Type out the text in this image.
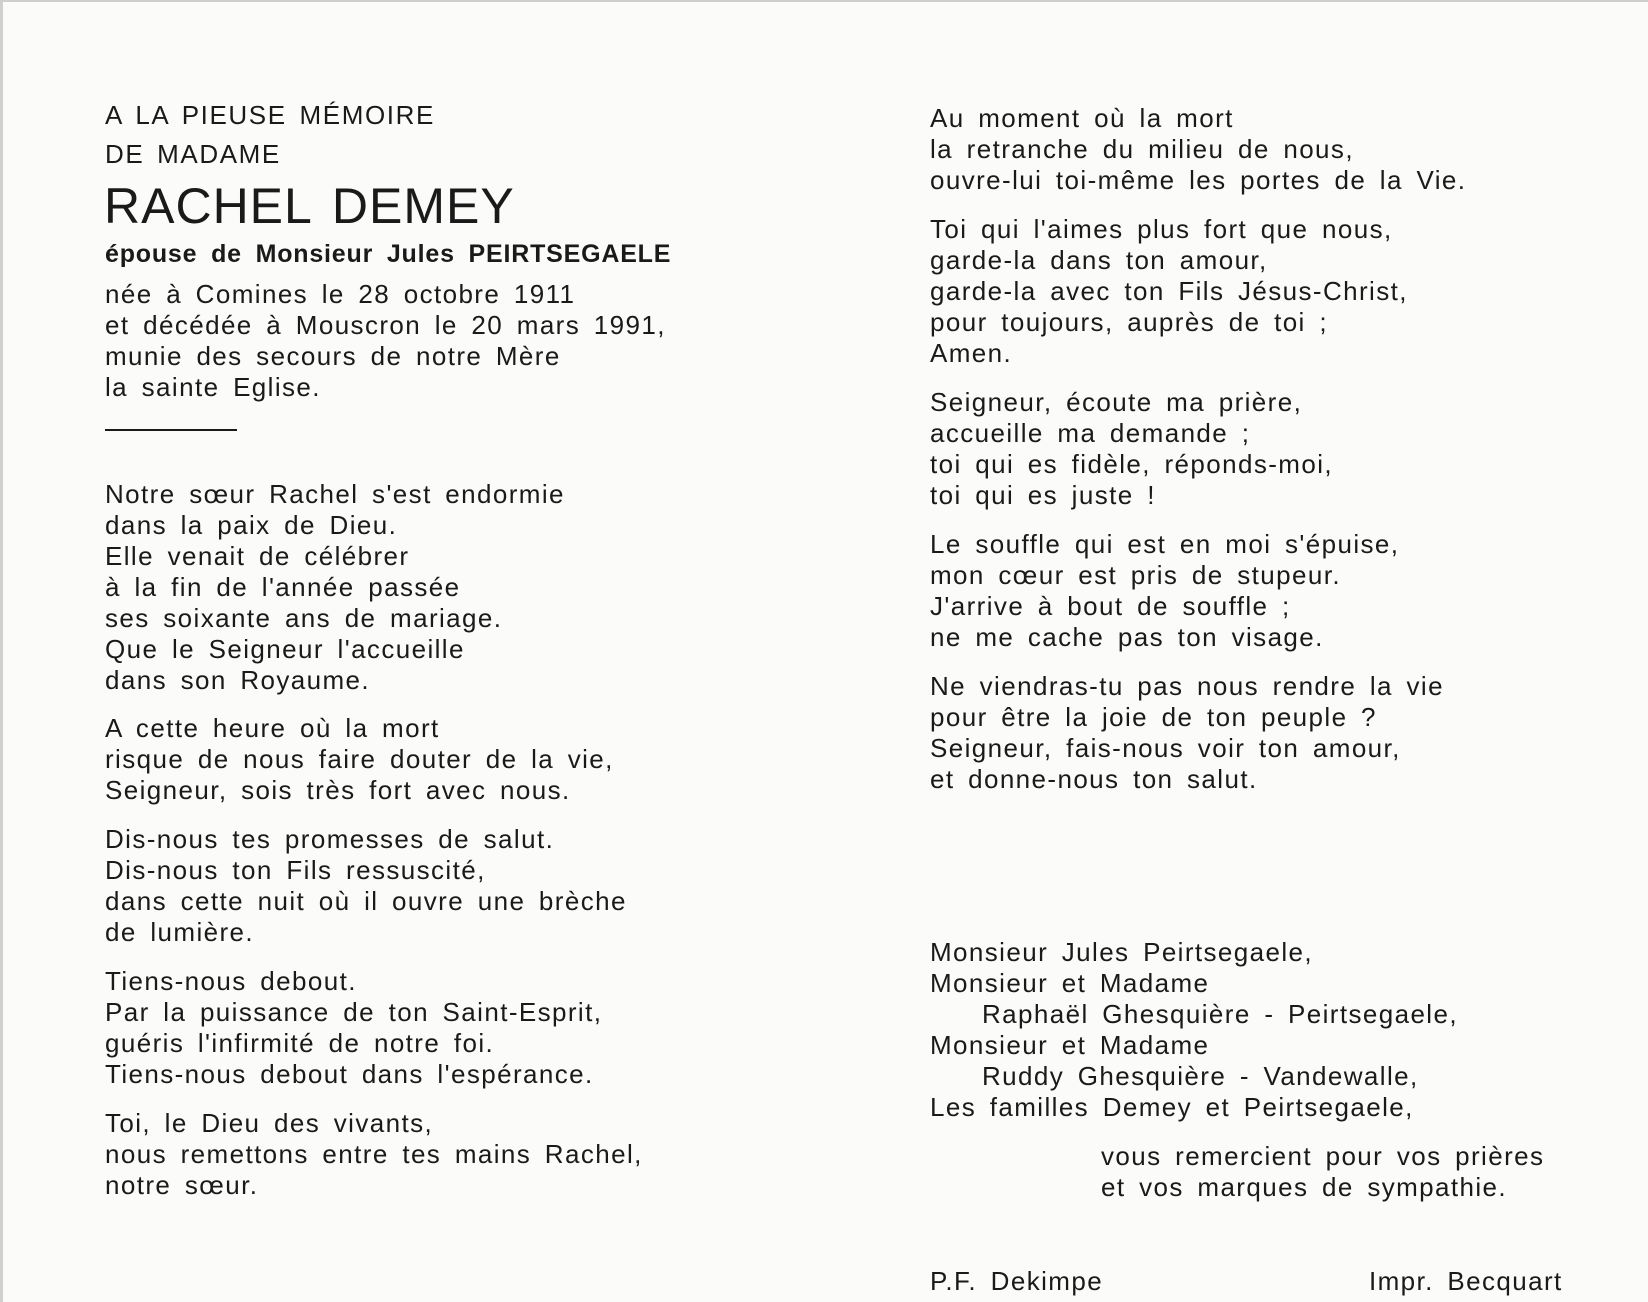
A LA PIEUSE MÉMOIRE
DE MADAME
RACHEL DEMEY
épouse de Monsieur Jules PEIRTSEGAELE
née à Comines le 28 octobre 1911
et décédée à Mouscron le 20 mars 1991,
munie des secours de notre Mère
la sainte Eglise.
Notre sœur Rachel s'est endormie
dans la paix de Dieu.
Elle venait de célébrer
à la fin de l'année passée
ses soixante ans de mariage.
Que le Seigneur l'accueille
dans son Royaume.
A cette heure où la mort
risque de nous faire douter de la vie,
Seigneur, sois très fort avec nous.
Dis-nous tes promesses de salut.
Dis-nous ton Fils ressuscité,
dans cette nuit où il ouvre une brèche
de lumière.
Tiens-nous debout.
Par la puissance de ton Saint-Esprit,
guéris l'infirmité de notre foi.
Tiens-nous debout dans l'espérance.
Toi, le Dieu des vivants,
nous remettons entre tes mains Rachel,
notre sœur.
Au moment où la mort
la retranche du milieu de nous,
ouvre-lui toi-même les portes de la Vie.
Toi qui l'aimes plus fort que nous,
garde-la dans ton amour,
garde-la avec ton Fils Jésus-Christ,
pour toujours, auprès de toi ;
Amen.
Seigneur, écoute ma prière,
accueille ma demande ;
toi qui es fidèle, réponds-moi,
toi qui es juste !
Le souffle qui est en moi s'épuise,
mon cœur est pris de stupeur.
J'arrive à bout de souffle ;
ne me cache pas ton visage.
Ne viendras-tu pas nous rendre la vie
pour être la joie de ton peuple ?
Seigneur, fais-nous voir ton amour,
et donne-nous ton salut.
Monsieur Jules Peirtsegaele,
Monsieur et Madame
Raphaël Ghesquière - Peirtsegaele,
Monsieur et Madame
Ruddy Ghesquière - Vandewalle,
Les familles Demey et Peirtsegaele,
vous remercient pour vos prières
et vos marques de sympathie.
P.F. Dekimpe	Impr. Becquart
